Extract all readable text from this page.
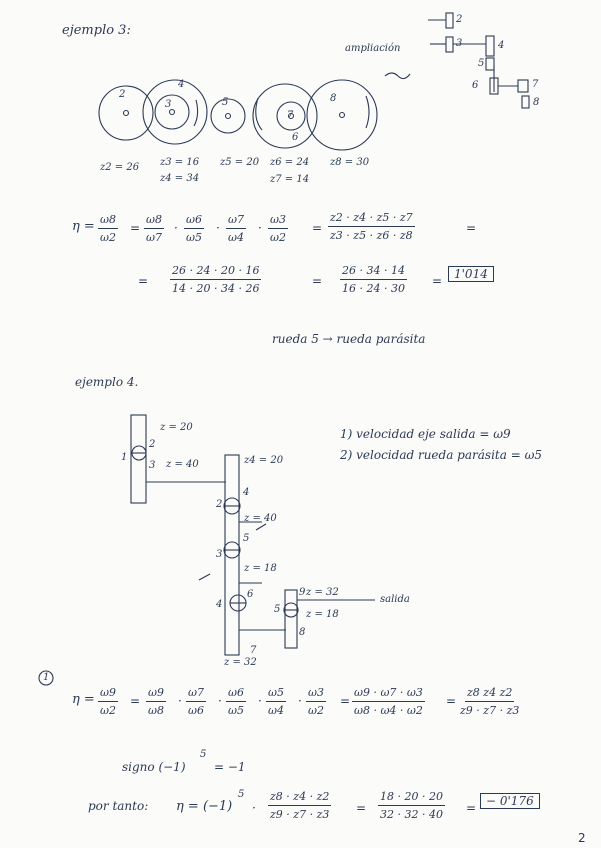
ejemplo 3:
2
4
3	5
6
7
8
ampliación
2
3	4
5
6	7
8
z2 = 26 z3 = 16
z4 = 34
z5 = 20 z6 = 24
z7 = 14
z8 = 30
$\eta = \frac{\omega 8}{\omega 2} = \frac{\omega 8}{\omega 7} \cdot \frac{\omega 6}{\omega 5} \cdot \frac{\omega 7}{\omega 4} \cdot \frac{\omega 3}{\omega 2} = \frac{z2 \cdot z4 \cdot z5 \cdot z7}{z3 \cdot z5 \cdot z6 \cdot z8}$	=
= $\frac{26 \cdot 24 \cdot 20 \cdot 16}{14 \cdot 20 \cdot 34 \cdot 26}$	= $\frac{26 \cdot 34 \cdot 14}{16 \cdot 24 \cdot 30} = 1'014$
rueda 5 → rueda parásita
ejemplo 4.
1
2
3
4	5
2
3
4
5
6
7
8
9
z = 20
z = 40	z4 = 20
z = 40
z = 18
z = 32
z = 18
z = 32
salida
1) velocidad eje salida = ω9
2) velocidad rueda parásita = ω5
1
$\eta = \frac{\omega 9}{\omega 2} = \frac{\omega 9}{\omega 8} \cdot \frac{\omega 7}{\omega 6} \cdot \frac{\omega 6}{\omega 5} \cdot \frac{\omega 5}{\omega 4} \cdot \frac{\omega 3}{\omega 2} = \frac{\omega 9 \cdot \omega 7 \cdot \omega 3}{\omega 8 \cdot \omega 4 \cdot \omega 2} = \frac{z8 z4 z2}{z9 \cdot z7 \cdot z3}$
signo (−1)
5
= −1
por tanto: η = (−1)
5
· $\frac{z8 \cdot z4 \cdot z2}{z9 \cdot z7 \cdot z3} = \frac{18 \cdot 20 \cdot 20}{32 \cdot 32 \cdot 40}$ = − 0'176
2
